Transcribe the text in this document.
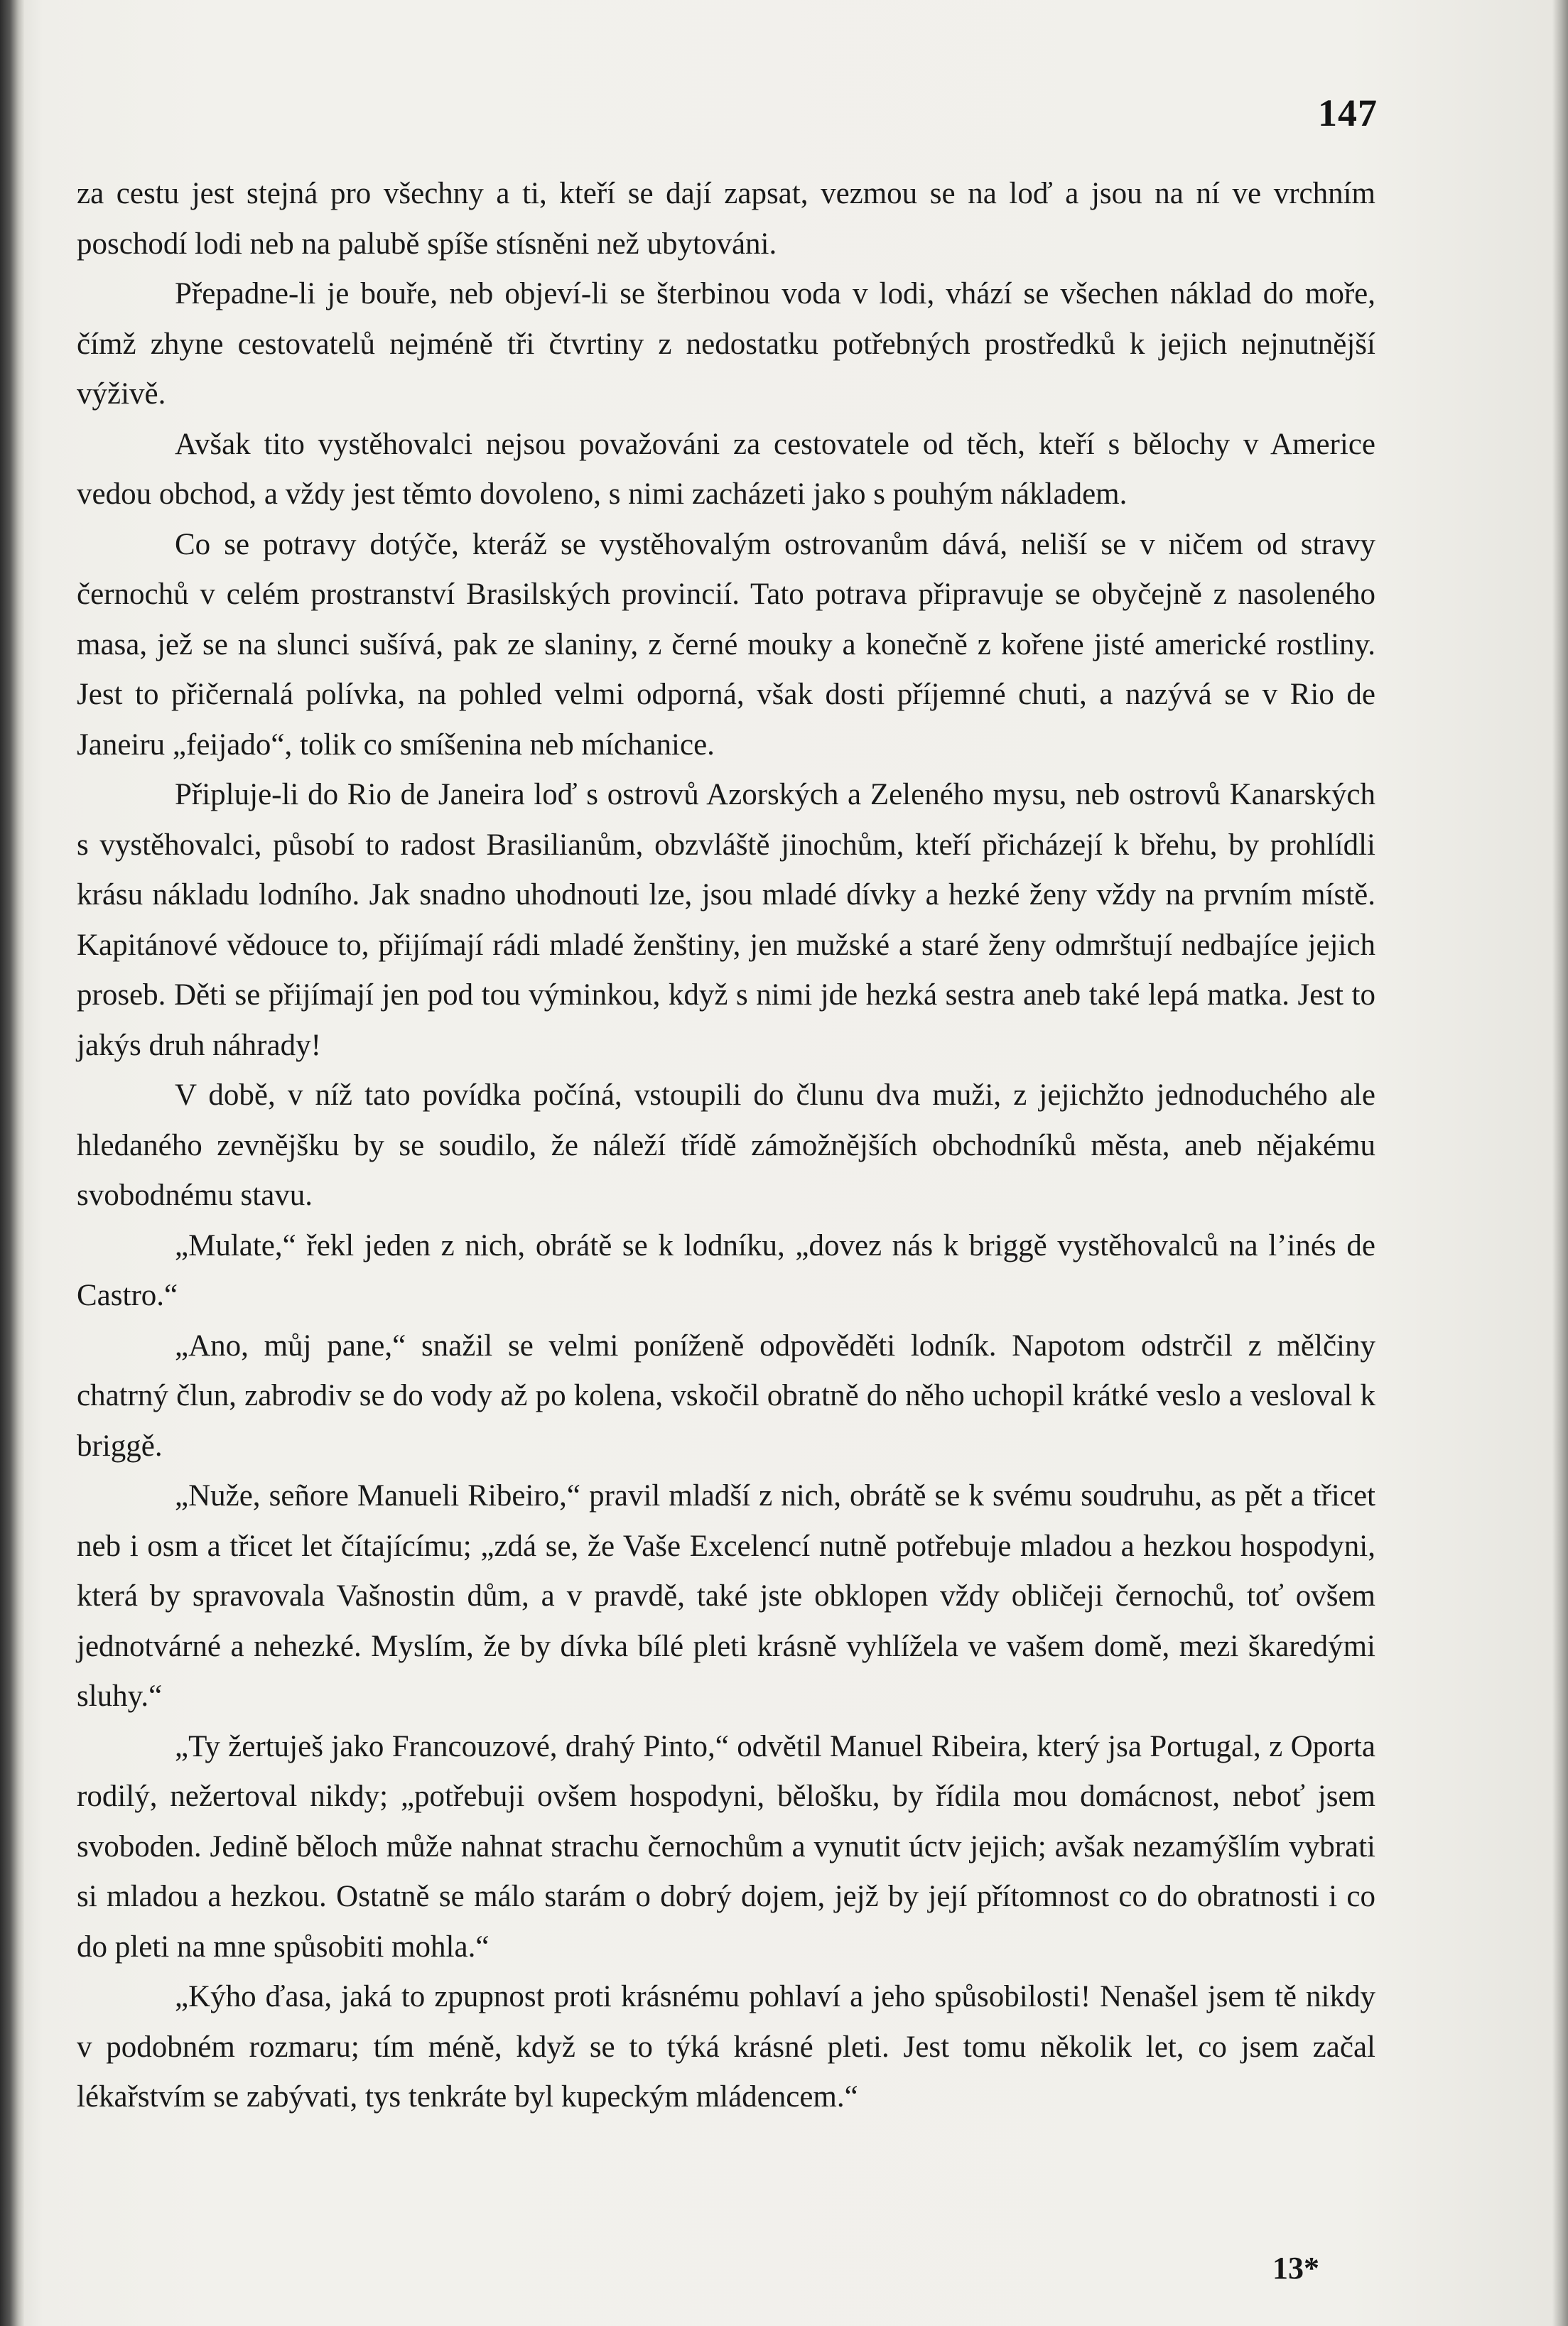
147

za cestu jest stejná pro všechny a ti, kteří se dají zapsat, vezmou se na loď a jsou na ní ve vrchním poschodí lodi neb na palubě spíše stísněni než ubytováni.

Přepadne-li je bouře, neb objeví-li se šterbinou voda v lodi, vhází se všechen náklad do moře, čímž zhyne cestovatelů nejméně tři čtvrtiny z nedostatku potřebných prostředků k jejich nejnutnější výživě.

Avšak tito vystěhovalci nejsou považováni za cestovatele od těch, kteří s bělochy v Americe vedou obchod, a vždy jest těmto dovoleno, s nimi zacházeti jako s pouhým nákladem.

Co se potravy dotýče, kteráž se vystěhovalým ostrovanům dává, neliší se v ničem od stravy černochů v celém prostranství Brasilských provincií. Tato potrava připravuje se obyčejně z nasoleného masa, jež se na slunci sušívá, pak ze slaniny, z černé mouky a konečně z kořene jisté americké rostliny. Jest to přičernalá polívka, na pohled velmi odporná, však dosti příjemné chuti, a nazývá se v Rio de Janeiru „feijado“, tolik co smíšenina neb míchanice.

Připluje-li do Rio de Janeira loď s ostrovů Azorských a Zeleného mysu, neb ostrovů Kanarských s vystěhovalci, působí to radost Brasilianům, obzvláště jinochům, kteří přicházejí k břehu, by prohlídli krásu nákladu lodního. Jak snadno uhodnouti lze, jsou mladé dívky a hezké ženy vždy na prvním místě. Kapitánové vědouce to, přijímají rádi mladé ženštiny, jen mužské a staré ženy odmrštují nedbajíce jejich proseb. Děti se přijímají jen pod tou výminkou, když s nimi jde hezká sestra aneb také lepá matka. Jest to jakýs druh náhrady!

V době, v níž tato povídka počíná, vstoupili do člunu dva muži, z jejichžto jednoduchého ale hledaného zevnějšku by se soudilo, že náleží třídě zámožnějších obchodníků města, aneb nějakému svobodnému stavu.

„Mulate,“ řekl jeden z nich, obrátě se k lodníku, „dovez nás k briggě vystěhovalců na l’inés de Castro.“

„Ano, můj pane,“ snažil se velmi poníženě odpověděti lodník. Napotom odstrčil z mělčiny chatrný člun, zabrodiv se do vody až po kolena, vskočil obratně do něho uchopil krátké veslo a vesloval k briggě.

„Nuže, señore Manueli Ribeiro,“ pravil mladší z nich, obrátě se k svému soudruhu, as pět a třicet neb i osm a třicet let čítajícímu; „zdá se, že Vaše Excelencí nutně potřebuje mladou a hezkou hospodyni, která by spravovala Vašnostin dům, a v pravdě, také jste obklopen vždy obličeji černochů, toť ovšem jednotvárné a nehezké. Myslím, že by dívka bílé pleti krásně vyhlížela ve vašem domě, mezi škaredými sluhy.“

„Ty žertuješ jako Francouzové, drahý Pinto,“ odvětil Manuel Ribeira, který jsa Portugal, z Oporta rodilý, nežertoval nikdy; „potřebuji ovšem hospodyni, bělošku, by řídila mou domácnost, neboť jsem svoboden. Jedině běloch může nahnat strachu černochům a vynutit úctv jejich; avšak nezamýšlím vybrati si mladou a hezkou. Ostatně se málo starám o dobrý dojem, jejž by její přítomnost co do obratnosti i co do pleti na mne spůsobiti mohla.“

„Kýho ďasa, jaká to zpupnost proti krásnému pohlaví a jeho spůsobilosti! Nenašel jsem tě nikdy v podobném rozmaru; tím méně, když se to týká krásné pleti. Jest tomu několik let, co jsem začal lékařstvím se zabývati, tys tenkráte byl kupeckým mládencem.“

13*
